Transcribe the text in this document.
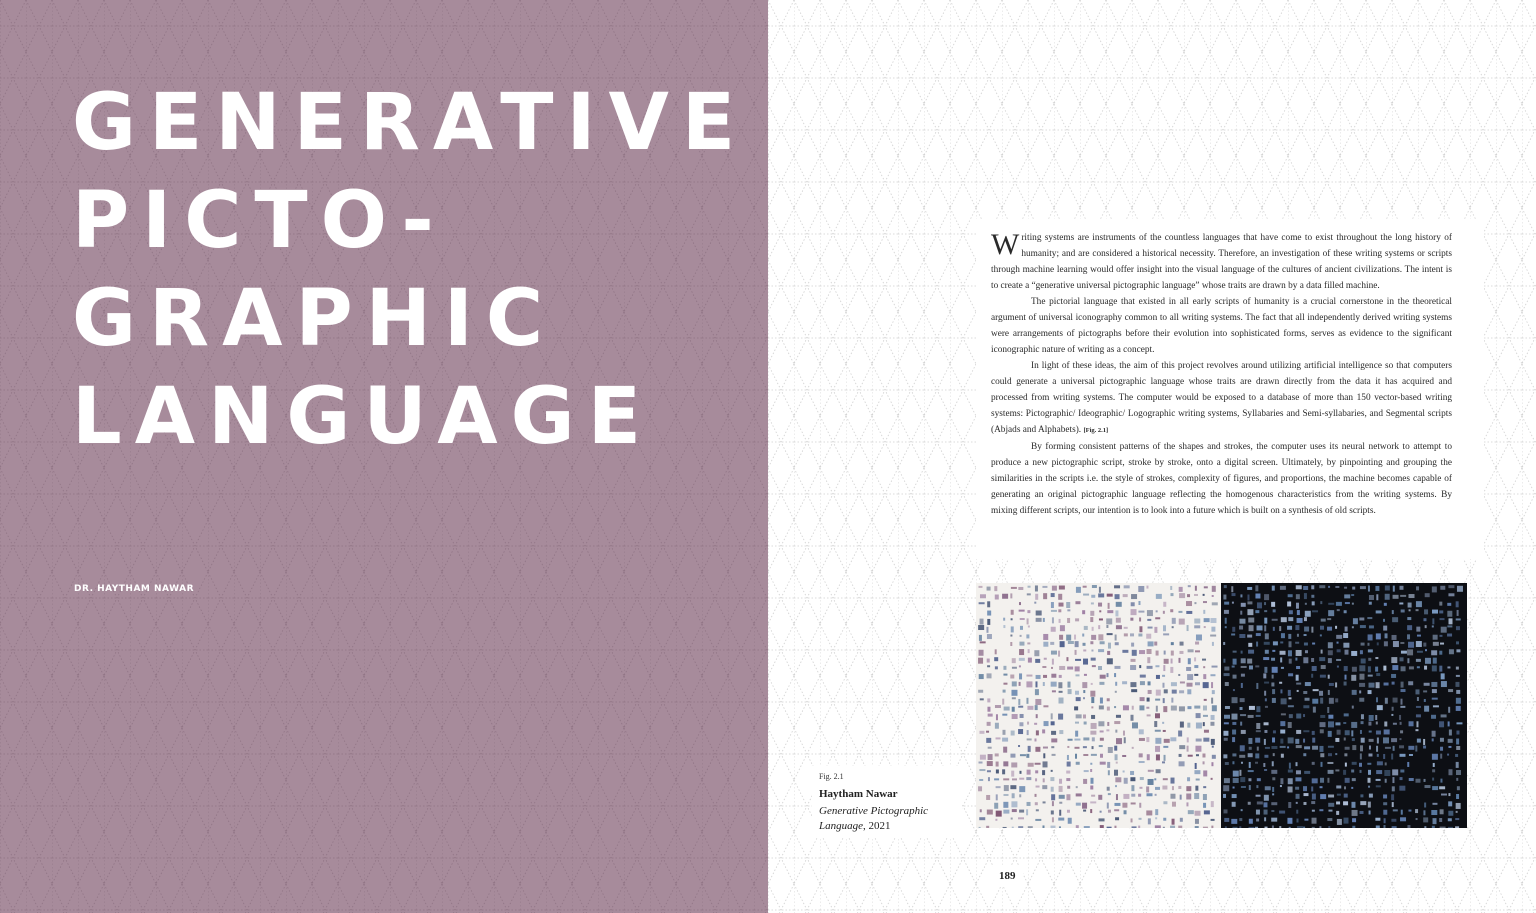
GENERATIVE
PICTO-
GRAPHIC
LANGUAGE
DR. HAYTHAM NAWAR

Writing systems are instruments of the countless languages that have come to exist throughout the long history of humanity; and are considered a historical necessity. Therefore, an investigation of these writing systems or scripts through machine learning would offer insight into the visual language of the cultures of ancient civilizations. The intent is to create a “generative universal pictographic language” whose traits are drawn by a data filled machine.

The pictorial language that existed in all early scripts of humanity is a crucial cornerstone in the theoretical argument of universal iconography common to all writing systems. The fact that all independently derived writing systems were arrangements of pictographs before their evolution into sophisticated forms, serves as evidence to the significant iconographic nature of writing as a concept.

In light of these ideas, the aim of this project revolves around utilizing artificial intelligence so that computers could generate a universal pictographic language whose traits are drawn directly from the data it has acquired and processed from writing systems. The computer would be exposed to a database of more than 150 vector-based writing systems: Pictographic/ Ideographic/ Logographic writing systems, Syllabaries and Semi-syllabaries, and Segmental scripts (Abjads and Alphabets). [Fig. 2.1]

By forming consistent patterns of the shapes and strokes, the computer uses its neural network to attempt to produce a new pictographic script, stroke by stroke, onto a digital screen. Ultimately, by pinpointing and grouping the similarities in the scripts i.e. the style of strokes, complexity of figures, and proportions, the machine becomes capable of generating an original pictographic language reflecting the homogenous characteristics from the writing systems. By mixing different scripts, our intention is to look into a future which is built on a synthesis of old scripts.

Fig. 2.1
Haytham Nawar
Generative Pictographic Language, 2021
189
